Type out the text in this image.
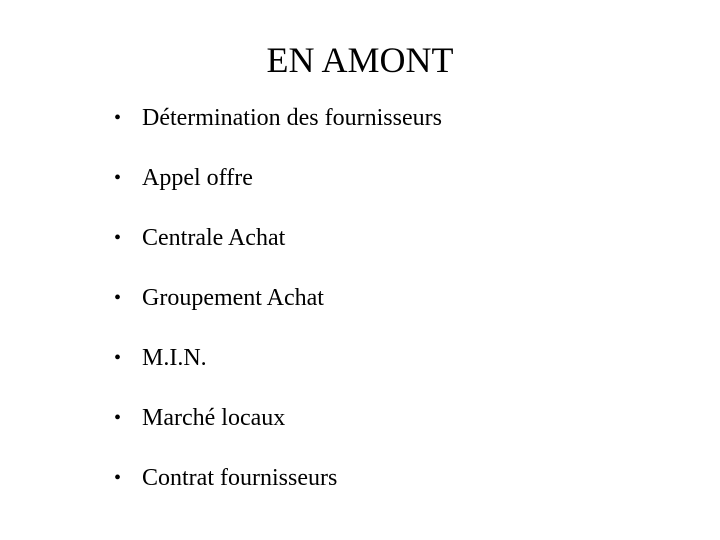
EN AMONT
• Détermination des fournisseurs
• Appel offre
• Centrale Achat
• Groupement Achat
• M.I.N.
• Marché locaux
• Contrat fournisseurs
